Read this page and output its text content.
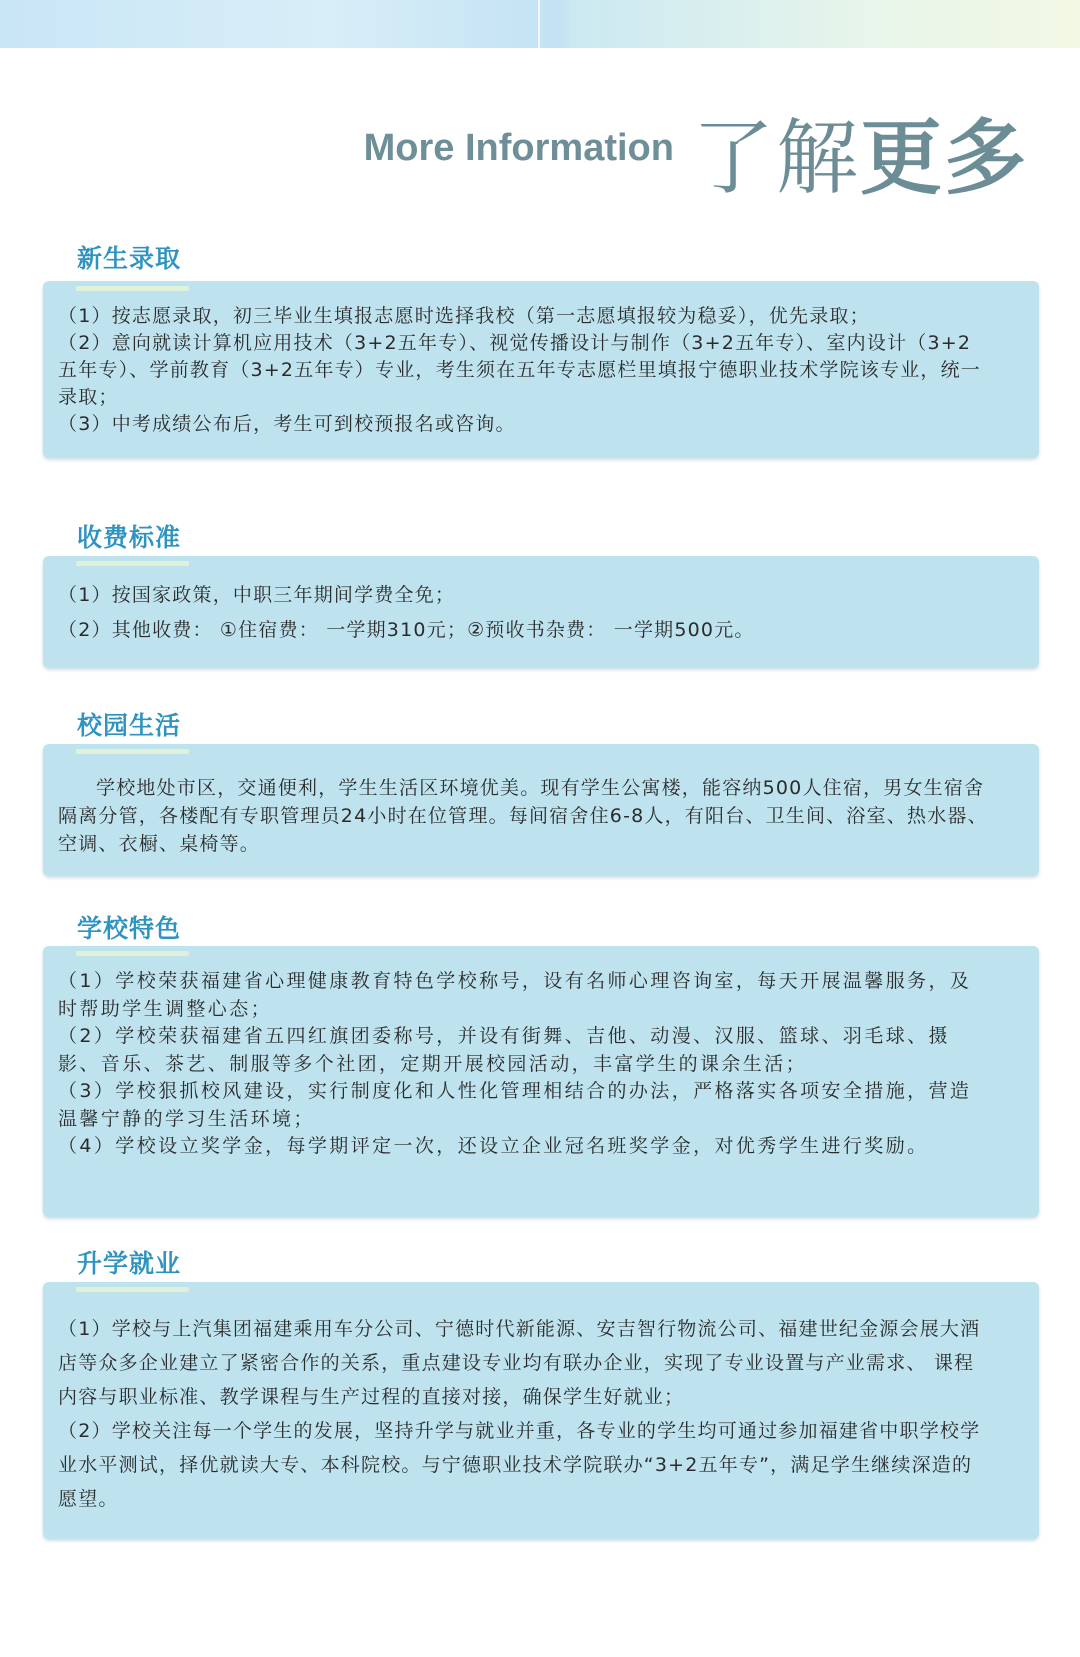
More Information 了解 更多
新生录取

（1）按志愿录取，初三毕业生填报志愿时选择我校（第一志愿填报较为稳妥），优先录取；

（2）意向就读计算机应用技术（3+2五年专）、视觉传播设计与制作（3+2五年专）、室内设计（3+2五年专）、学前教育（3+2五年专）专业，考生须在五年专志愿栏里填报宁德职业技术学院该专业，统一录取；

（3）中考成绩公布后，考生可到校预报名或咨询。

收费标准

（1）按国家政策，中职三年期间学费全免；

（2）其他收费： ①住宿费： 一学期310元；②预收书杂费： 一学期500元。

校园生活

学校地处市区，交通便利，学生生活区环境优美。现有学生公寓楼，能容纳500人住宿，男女生宿舍隔离分管，各楼配有专职管理员24小时在位管理。每间宿舍住6-8人，有阳台、卫生间、浴室、热水器、空调、衣橱、桌椅等。

学校特色

（1）学校荣获福建省心理健康教育特色学校称号，设有名师心理咨询室，每天开展温馨服务，及时帮助学生调整心态；

（2）学校荣获福建省五四红旗团委称号，并设有街舞、吉他、动漫、汉服、篮球、羽毛球、摄影、音乐、茶艺、制服等多个社团，定期开展校园活动，丰富学生的课余生活；

（3）学校狠抓校风建设，实行制度化和人性化管理相结合的办法，严格落实各项安全措施，营造温馨宁静的学习生活环境；

（4）学校设立奖学金，每学期评定一次，还设立企业冠名班奖学金，对优秀学生进行奖励。

升学就业

（1）学校与上汽集团福建乘用车分公司、宁德时代新能源、安吉智行物流公司、福建世纪金源会展大酒店等众多企业建立了紧密合作的关系，重点建设专业均有联办企业，实现了专业设置与产业需求、 课程内容与职业标准、教学课程与生产过程的直接对接，确保学生好就业；

（2）学校关注每一个学生的发展，坚持升学与就业并重，各专业的学生均可通过参加福建省中职学校学业水平测试，择优就读大专、本科院校。与宁德职业技术学院联办“3+2五年专”，满足学生继续深造的愿望。
